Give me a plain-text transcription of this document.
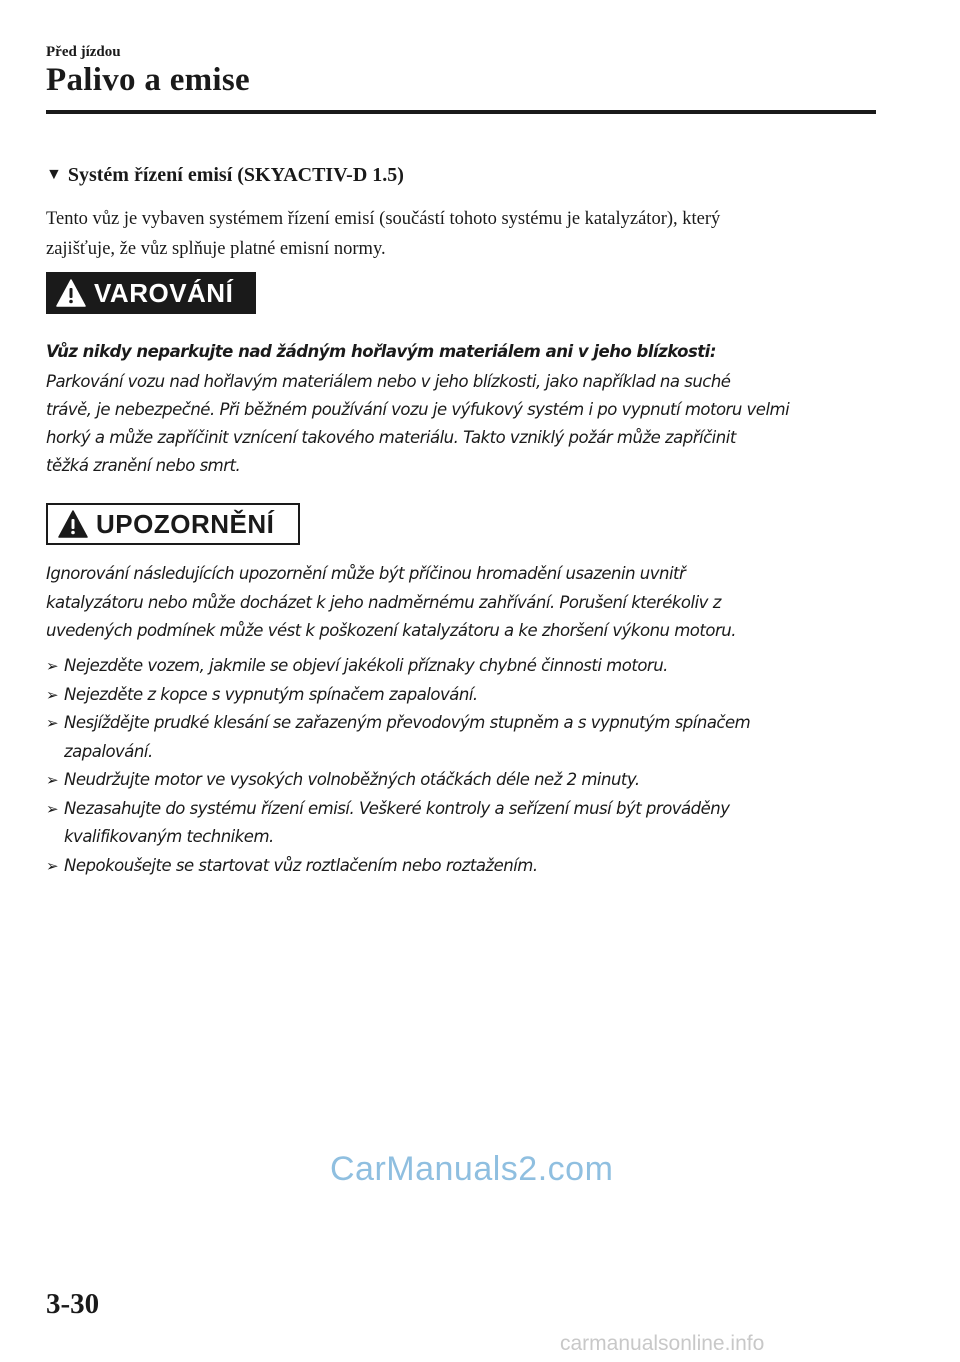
Před jízdou
Palivo a emise
▼ Systém řízení emisí (SKYACTIV-D 1.5)
Tento vůz je vybaven systémem řízení emisí (součástí tohoto systému je katalyzátor), který
zajišťuje, že vůz splňuje platné emisní normy.
VAROVÁNÍ
Vůz nikdy neparkujte nad žádným hořlavým materiálem ani v jeho blízkosti:
Parkování vozu nad hořlavým materiálem nebo v jeho blízkosti, jako například na suché
trávě, je nebezpečné. Při běžném používání vozu je výfukový systém i po vypnutí motoru velmi
horký a může zapříčinit vznícení takového materiálu. Takto vzniklý požár může zapříčinit
těžká zranění nebo smrt.
UPOZORNĚNÍ
Ignorování následujících upozornění může být příčinou hromadění usazenin uvnitř
katalyzátoru nebo může docházet k jeho nadměrnému zahřívání. Porušení kterékoliv z
uvedených podmínek může vést k poškození katalyzátoru a ke zhoršení výkonu motoru.
➢ Nejezděte vozem, jakmile se objeví jakékoli příznaky chybné činnosti motoru.
➢ Nejezděte z kopce s vypnutým spínačem zapalování.
➢ Nesjíždějte prudké klesání se zařazeným převodovým stupněm a s vypnutým spínačem
zapalování.
➢ Neudržujte motor ve vysokých volnoběžných otáčkách déle než 2 minuty.
➢ Nezasahujte do systému řízení emisí. Veškeré kontroly a seřízení musí být prováděny
kvalifikovaným technikem.
➢ Nepokoušejte se startovat vůz roztlačením nebo roztažením.
CarManuals2.com
3-30
carmanualsonline.info
